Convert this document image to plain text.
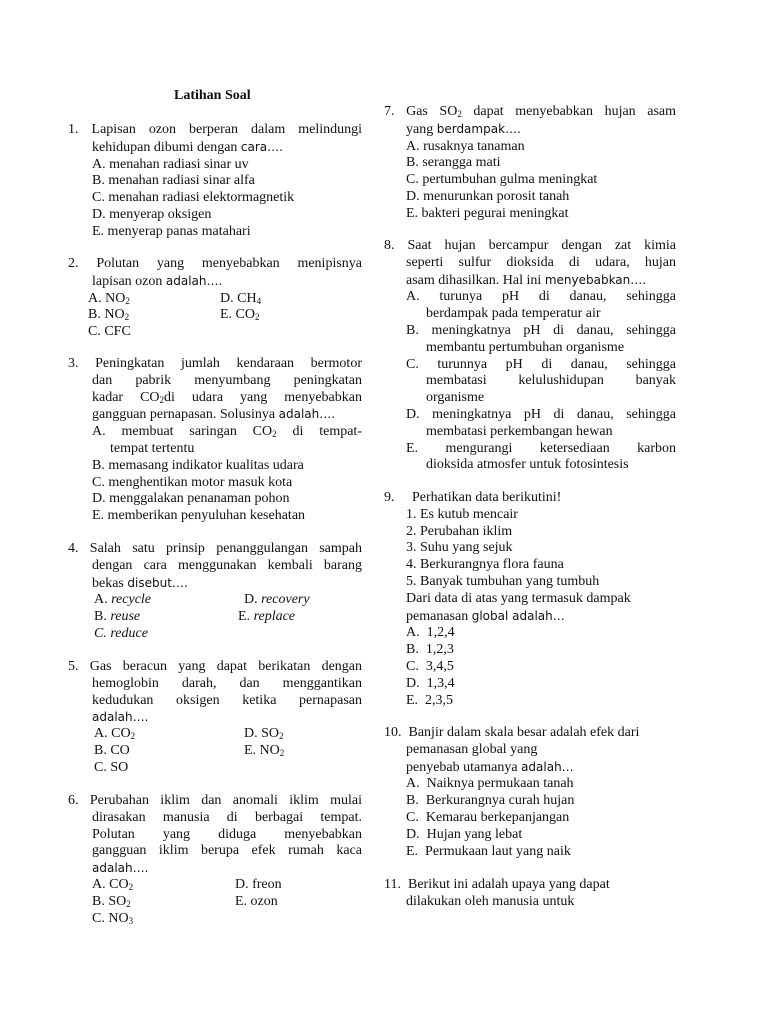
Latihan Soal
1. Lapisan ozon berperan dalam melindungi
kehidupan dibumi dengan cara….
A. menahan radiasi sinar uv
B. menahan radiasi sinar alfa
C. menahan radiasi elektormagnetik
D. menyerap oksigen
E. menyerap panas matahari
2. Polutan yang menyebabkan menipisnya
lapisan ozon adalah….
A. $NO_2$	D. $CH_4$
B. $NO_2$	E. $CO_2$
C. CFC
3. Peningkatan jumlah kendaraan bermotor
dan pabrik menyumbang peningkatan
kadar $CO_2di$ udara yang menyebabkan
gangguan pernapasan. Solusinya adalah….
A. membuat saringan $CO_2$ di tempat-
tempat tertentu
B. memasang indikator kualitas udara
C. menghentikan motor masuk kota
D. menggalakan penanaman pohon
E. memberikan penyuluhan kesehatan
4. Salah satu prinsip penanggulangan sampah
dengan cara menggunakan kembali barang
bekas disebut….
A. recycle	D. recovery
B. reuse	E. replace
C. reduce
5. Gas beracun yang dapat berikatan dengan
hemoglobin darah, dan menggantikan
kedudukan oksigen ketika pernapasan
adalah….
A. $CO_2$	D. $SO_2$
B. CO	E. $NO_2$
C. SO
6. Perubahan iklim dan anomali iklim mulai
dirasakan manusia di berbagai tempat.
Polutan yang diduga menyebabkan
gangguan iklim berupa efek rumah kaca
adalah….
A. $CO_2$	D. freon
B. $SO_2$	E. ozon
C. $NO_3$
7. Gas $SO_2$ dapat menyebabkan hujan asam
yang berdampak….
A. rusaknya tanaman
B. serangga mati
C. pertumbuhan gulma meningkat
D. menurunkan porosit tanah
E. bakteri pegurai meningkat
8. Saat hujan bercampur dengan zat kimia
seperti sulfur dioksida di udara, hujan
asam dihasilkan. Hal ini menyebabkan….
A. turunya pH di danau, sehingga
berdampak pada temperatur air
B. meningkatnya pH di danau, sehingga
membantu pertumbuhan organisme
C. turunnya pH di danau, sehingga
membatasi kelulushidupan banyak
organisme
D. meningkatnya pH di danau, sehingga
membatasi perkembangan hewan
E. mengurangi ketersediaan karbon
dioksida atmosfer untuk fotosintesis
9. Perhatikan data berikutini!
1. Es kutub mencair
2. Perubahan iklim
3. Suhu yang sejuk
4. Berkurangnya flora fauna
5. Banyak tumbuhan yang tumbuh
Dari data di atas yang termasuk dampak
pemanasan global adalah…
A.  1,2,4
B.  1,2,3
C.  3,4,5
D.  1,3,4
E.  2,3,5
10. Banjir dalam skala besar adalah efek dari
pemanasan global yang
penyebab utamanya adalah…
A.  Naiknya permukaan tanah
B.  Berkurangnya curah hujan
C.  Kemarau berkepanjangan
D.  Hujan yang lebat
E.  Permukaan laut yang naik
11. Berikut ini adalah upaya yang dapat
dilakukan oleh manusia untuk
